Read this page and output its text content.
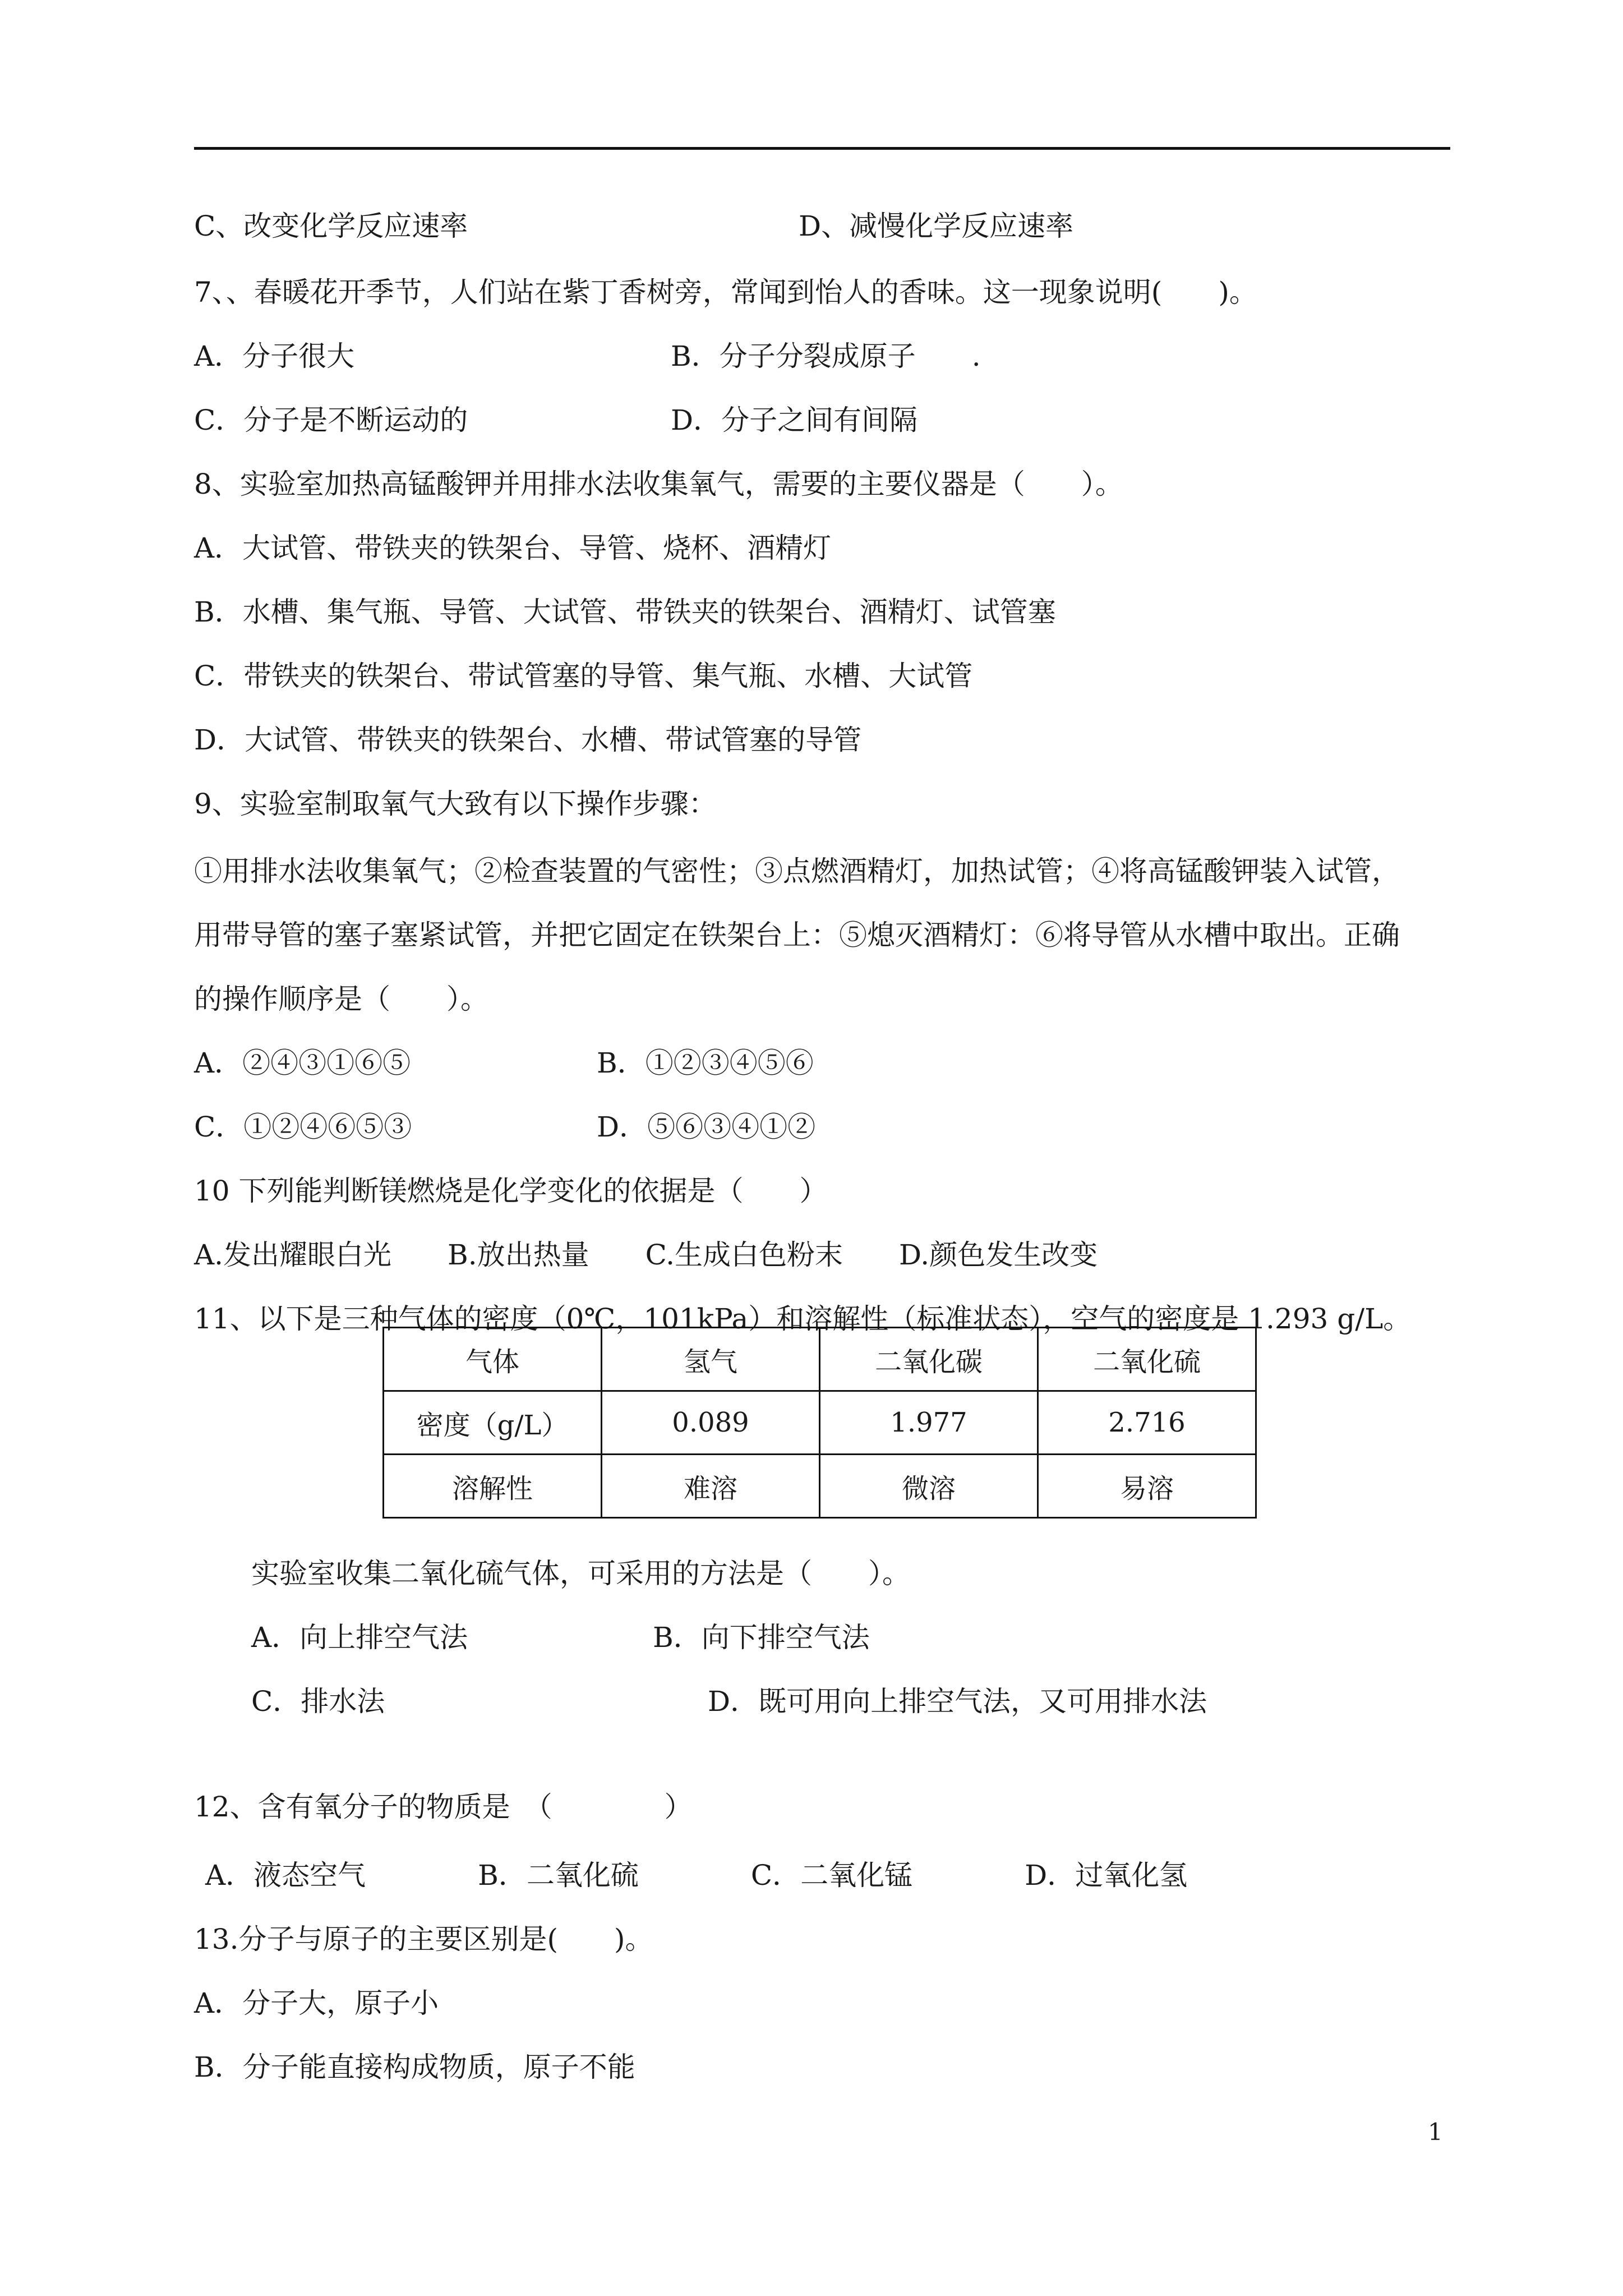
C、改变化学反应速率	D、减慢化学反应速率
7、、春暖花开季节，人们站在紫丁香树旁，常闻到怡人的香味。这一现象说明(　　)。
A．分子很大	B．分子分裂成原子　　.
C．分子是不断运动的	D．分子之间有间隔
8、实验室加热高锰酸钾并用排水法收集氧气，需要的主要仪器是（　　）。
A．大试管、带铁夹的铁架台、导管、烧杯、酒精灯
B．水槽、集气瓶、导管、大试管、带铁夹的铁架台、酒精灯、试管塞
C．带铁夹的铁架台、带试管塞的导管、集气瓶、水槽、大试管
D．大试管、带铁夹的铁架台、水槽、带试管塞的导管
9、实验室制取氧气大致有以下操作步骤：
①用排水法收集氧气；②检查装置的气密性；③点燃酒精灯，加热试管；④将高锰酸钾装入试管，
用带导管的塞子塞紧试管，并把它固定在铁架台上：⑤熄灭酒精灯：⑥将导管从水槽中取出。正确
的操作顺序是（　　）。
A．②④③①⑥⑤	B．①②③④⑤⑥
C．①②④⑥⑤③	D．⑤⑥③④①②
10 下列能判断镁燃烧是化学变化的依据是（　　）
A.发出耀眼白光　　B.放出热量　　C.生成白色粉末　　D.颜色发生改变
11、以下是三种气体的密度（0℃，101kPa）和溶解性（标准状态），空气的密度是 1.293 g/L。
气体	氢气	二氧化碳	二氧化硫
密度（g/L）	0.089	1.977	2.716
溶解性	难溶	微溶	易溶
实验室收集二氧化硫气体，可采用的方法是（　　）。
A．向上排空气法	B．向下排空气法
C．排水法	D．既可用向上排空气法，又可用排水法
12、含有氧分子的物质是　（　　　　）
A．液态空气　　　　B．二氧化硫　　　　C．二氧化锰　　　　D．过氧化氢
13.分子与原子的主要区别是(　　)。
A．分子大，原子小
B．分子能直接构成物质，原子不能
1
